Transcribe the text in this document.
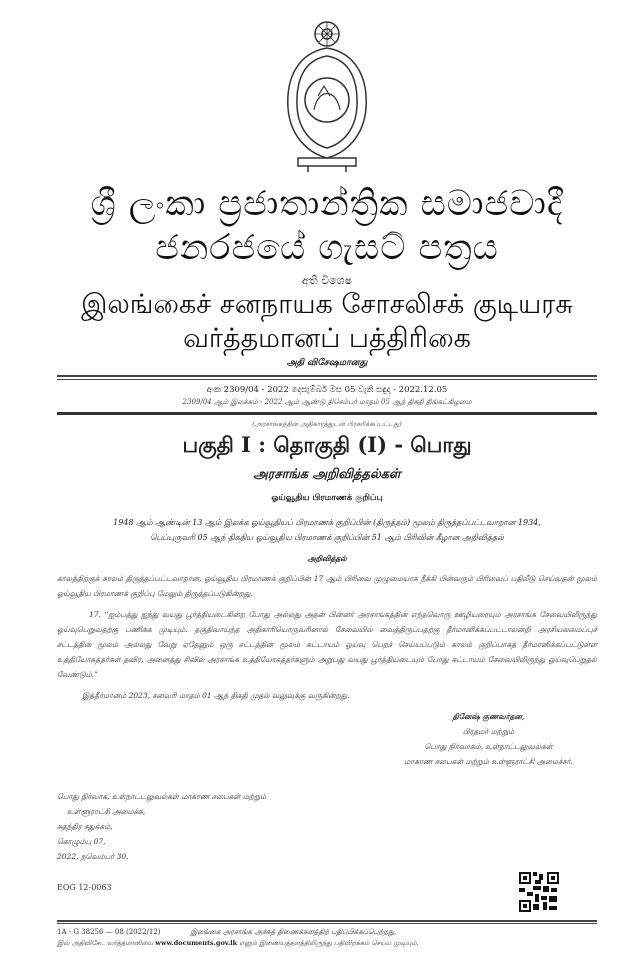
ශ්‍රී ලංකා ප්‍රජාතාන්ත්‍රික සමාජවාදී ජනරජයේ ගැසට් පත්‍රය
අති විශෙෂ
இலங்கைச் சனநாயக சோசலிசக் குடியரசு வர்த்தமானப் பத்திரிகை
அதி விசேஷமானது
අංක 2309/04 - 2022 දෙසැම්බර් මස 05 වැනි සඳුදා - 2022.12.05
2309/04 ஆம் இலக்கம் - 2022 ஆம் ஆண்டு திசெம்பர் மாதம் 05 ஆந் திகதி திங்கட்கிழமை
(அரசாங்கத்தின் அதிகாரத்துடன் பிரசுரிக்கப்பட்டது)
பகுதி I : தொகுதி (I) - பொது
அரசாங்க அறிவித்தல்கள்
ஓய்வூதிய பிரமாணக் குறிப்பு
1948 ஆம் ஆண்டின் 13 ஆம் இலக்க ஓய்வூதியப் பிரமாணக் குறிப்பின் (திருத்தம்) மூலம் திருத்தப்பட்டவாறான 1934,
பெப்புருவரி 05 ஆந் திகதிய ஓய்வூதிய பிரமாணக் குறிப்பின் 51 ஆம் பிரிவின் கீழான அறிவித்தல்
அறிவித்தல்
காலத்திற்குக் காலம் திருத்தப்பட்டவாறான, ஓய்வூதிய பிரமாணக் குறிப்பின் 17 ஆம் பிரிவை முழுமையாக நீக்கி பின்வரும் பிரிவைப் பதிலீடு செய்வதன் மூலம் ஓய்வூதிய பிரமாணக் குறிப்பு மேலும் திருத்தப்படுகின்றது.
17. “ஐம்பத்து ஐந்து வயது பூர்த்தியடைகின்ற போது அல்லது அதன் பின்னர் அரசாங்கத்தின் எந்தவொரு ஊழியரையும் அரசாங்க சேவையிலிருந்து ஓய்வுபெறுவதற்கு பணிக்க முடியும். தகுதிவாய்ந்த அதிகாரியொருவரினால் சேவையில் வைத்திருப்பதற்கு தீர்மானிக்கப்பட்டாலன்றி அரசியலமைப்புச் சட்டத்தின் மூலம் அல்லது வேறு ஏதேனும் ஒரு சட்டத்தின் மூலம் கட்டாயம் ஓய்வு பெறச் செய்யப்படும் காலம் குறிப்பாகத் தீர்மானிக்கப்பட்டுள்ள உத்தியோகத்தர்கள் தவிர, அனைத்து சிவில் அரசாங்க உத்தியோகத்தர்களும் அறுபது வயது பூர்த்தியடையும் போது கட்டாயம் சேவையிலிருந்து ஓய்வுபெறுதல் வேண்டும்.”
இத்தீர்மானம் 2023, சனவரி மாதம் 01 ஆந் திகதி முதல் வலுவுக்கு வருகின்றது.
தினேஷ் குணவர்தன,
பிரதமர் மற்றும்
பொது நிர்வாகம், உள்நாட்டலுவல்கள்
மாகாண சபைகள் மற்றும் உள்ளூராட்சி அமைச்சர்.
பொது நிர்வாக, உள்நாட்டலுவல்கள் மாகாண சபைகள் மற்றும்
உள்ளூராட்சி அமைச்சு,
சுதந்திர சதுக்கம்,
கொழும்பு 07,
2022, நவெம்பர் 30.
EOG 12-0063
1A - G 38256 — 08 (2022/12)	இலங்கை அரசாங்க அச்சுத் திணைக்களத்திற் பதிப்பிக்கப்பெற்றது.
இவ் அதிவிசேட வர்த்தமானியை www.documents.gov.lk எனும் இணையத்தளத்திலிருந்து பதிவிறக்கம் செய்ய முடியும்.
